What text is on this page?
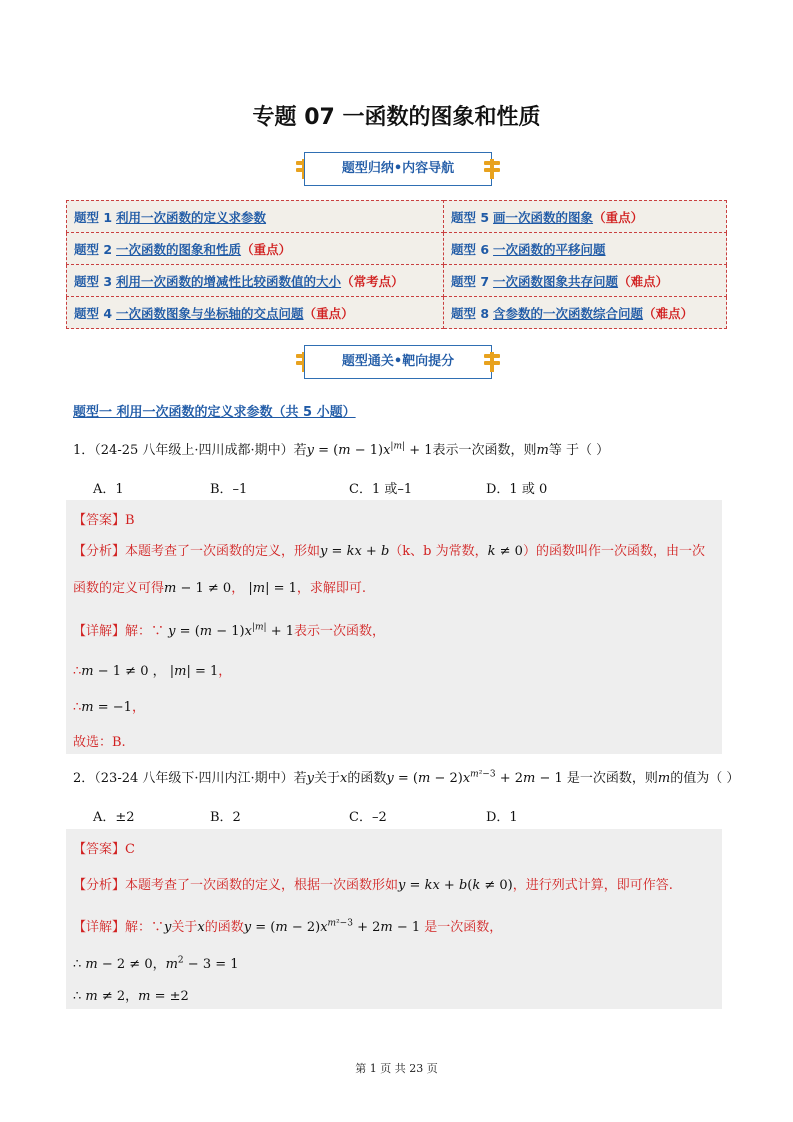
专题 07 一函数的图象和性质
题型归纳•内容导航
题型 1 利用一次函数的定义求参数	题型 5 画一次函数的图象（重点）
题型 2 一次函数的图象和性质（重点）	题型 6 一次函数的平移问题
题型 3 利用一次函数的增减性比较函数值的大小（常考点）	题型 7 一次函数图象共存问题（难点）
题型 4 一次函数图象与坐标轴的交点问题（重点）	题型 8 含参数的一次函数综合问题（难点）
题型通关•靶向提分
题型一 利用一次函数的定义求参数（共 5 小题）
1．（24-25 八年级上·四川成都·期中）若$y = (m - 1)x^{|m|} + 1$表示一次函数，则m等 于（ ）
A．1	B．–1	C．1 或–1	D．1 或 0
【答案】B
【分析】本题考查了一次函数的定义，形如y = kx + b（k、b 为常数，k ≠ 0）的函数叫作一次函数，由一次
函数的定义可得m − 1 ≠ 0， |m| = 1，求解即可.
【详解】解：∵ $y = (m - 1)x^{|m|} + 1$表示一次函数，
∴m − 1 ≠ 0 ， |m| = 1，
∴m = −1，
故选：B.
2．（23-24 八年级下·四川内江·期中）若y关于x的函数$y = (m - 2)x^{m^2-3} + 2m - 1$ 是一次函数，则m的值为（ ）
A．±2	B．2	C．–2	D．1
【答案】C
【分析】本题考查了一次函数的定义，根据一次函数形如y = kx + b(k ≠ 0)，进行列式计算，即可作答.
【详解】解：∵y关于x的函数$y = (m - 2)x^{m^2-3} + 2m - 1$ 是一次函数，
∴ m − 2 ≠ 0，$m^2 - 3 = 1$
∴ m ≠ 2，m = ±2
第 1 页 共 23 页
